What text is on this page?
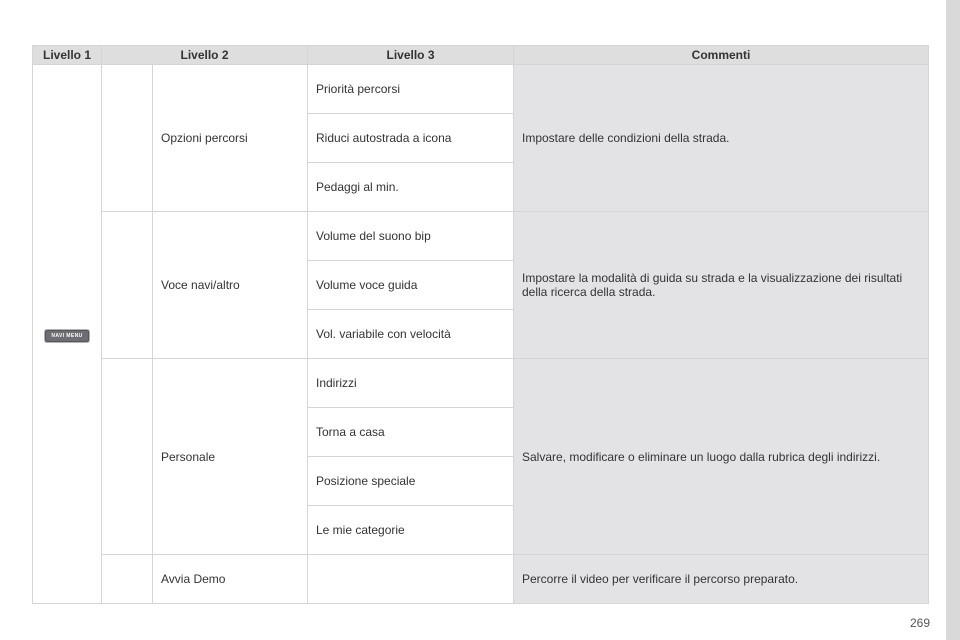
Livello 1	Livello 2		Livello 3	Commenti
NAVI MENU		Opzioni percorsi	Priorità percorsi	Impostare delle condizioni della strada.
			Riduci autostrada a icona	
			Pedaggi al min.	
		Voce navi/altro	Volume del suono bip	Impostare la modalità di guida su strada e la visualizzazione dei risultati della ricerca della strada.
			Volume voce guida	
			Vol. variabile con velocità	
		Personale	Indirizzi	Salvare, modificare o eliminare un luogo dalla rubrica degli indirizzi.
			Torna a casa	
			Posizione speciale	
			Le mie categorie	
		Avvia Demo		Percorre il video per verificare il percorso preparato.
269
